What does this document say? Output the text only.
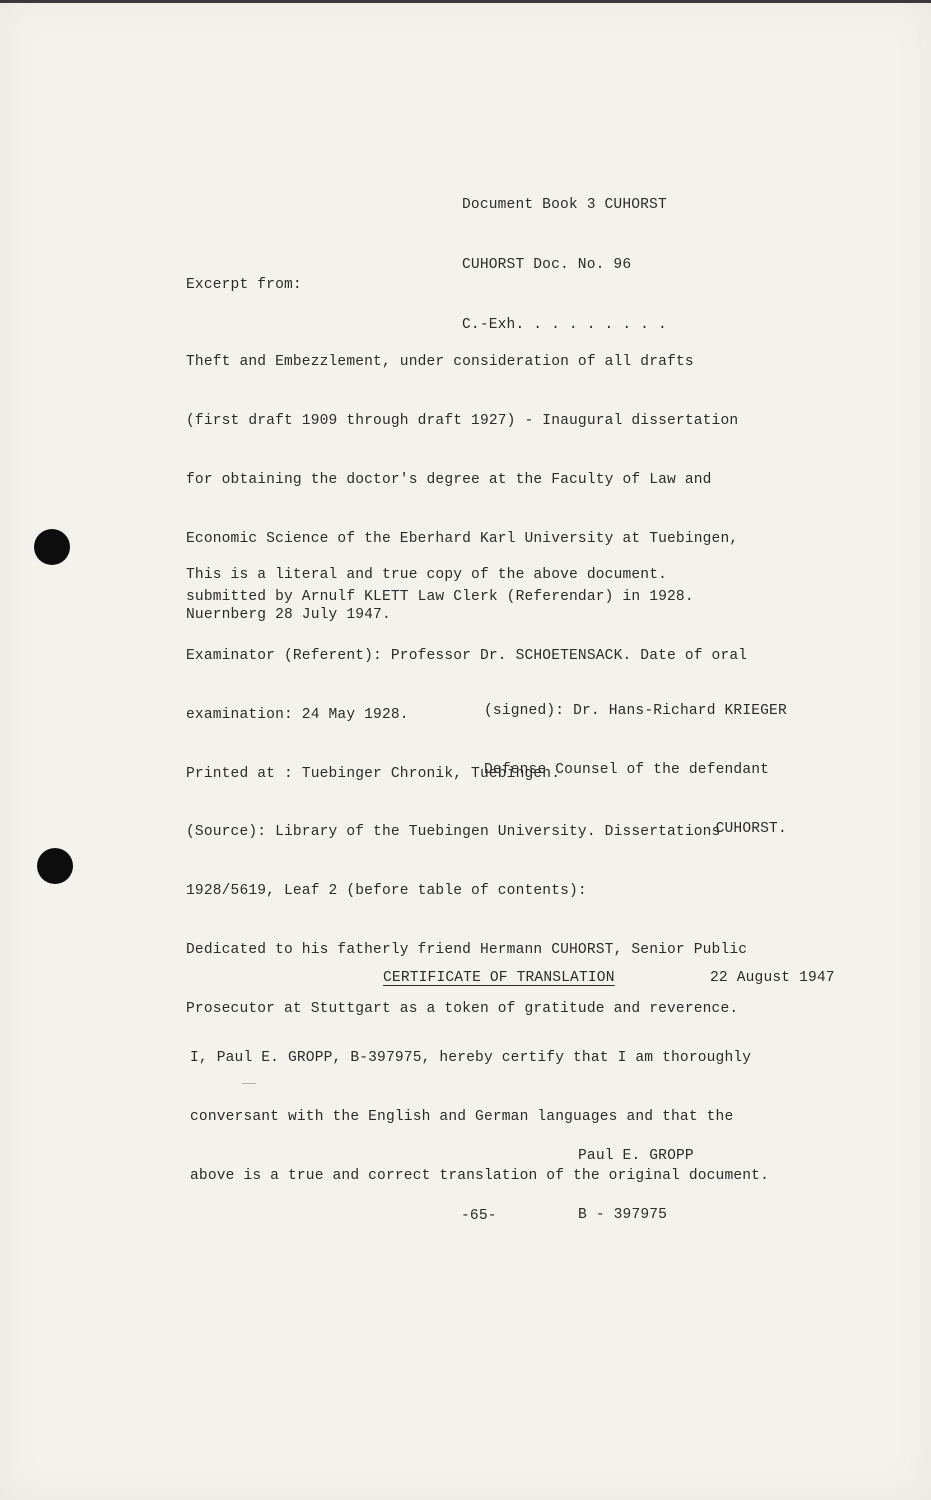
Document Book 3 CUHORST

CUHORST Doc. No. 96

C.-Exh. . . . . . . . .

Excerpt from:

Theft and Embezzlement, under consideration of all drafts

(first draft 1909 through draft 1927) - Inaugural dissertation

for obtaining the doctor's degree at the Faculty of Law and

Economic Science of the Eberhard Karl University at Tuebingen,

submitted by Arnulf KLETT Law Clerk (Referendar) in 1928.

Examinator (Referent): Professor Dr. SCHOETENSACK. Date of oral

examination: 24 May 1928.

Printed at : Tuebinger Chronik, Tuebingen.

(Source): Library of the Tuebingen University. Dissertations

1928/5619, Leaf 2 (before table of contents):

Dedicated to his fatherly friend Hermann CUHORST, Senior Public

Prosecutor at Stuttgart as a token of gratitude and reverence.

This is a literal and true copy of the above document.
Nuernberg 28 July 1947.

(signed): Dr. Hans-Richard KRIEGER

Defense Counsel of the defendant

CUHORST.

CERTIFICATE OF TRANSLATION	22 August 1947

I, Paul E. GROPP, B-397975, hereby certify that I am thoroughly

conversant with the English and German languages and that the

above is a true and correct translation of the original document.

Paul E. GROPP

B - 397975

-65-
